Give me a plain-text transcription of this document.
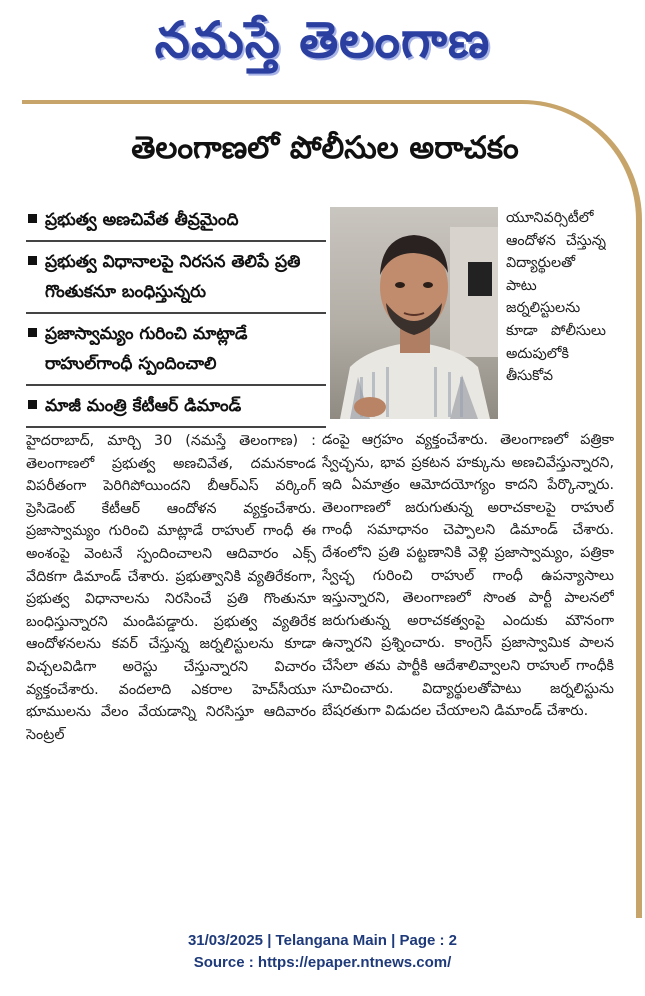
నమస్తే తెలంగాణ
తెలంగాణలో పోలీసుల అరాచకం
ప్రభుత్వ అణచివేత తీవ్రమైంది
ప్రభుత్వ విధానాలపై నిరసన తెలిపే ప్రతి గొంతుకనూ బంధిస్తున్నరు
ప్రజాస్వామ్యం గురించి మాట్లాడే రాహుల్‌గాంధీ స్పందించాలి
మాజీ మంత్రి కేటీఆర్‌ డిమాండ్‌
హైదరాబాద్‌, మార్చి 30 (నమస్తే తెలంగాణ) : తెలంగాణలో ప్రభుత్వ అణచివేత, దమనకాండ విపరీతంగా పెరిగిపోయిందని బీఆర్‌ఎస్‌ వర్కింగ్‌ ప్రెసిడెంట్‌ కేటీఆర్‌ ఆందోళన వ్యక్తంచేశారు. ప్రజాస్వామ్యం గురించి మాట్లాడే రాహుల్‌ గాంధీ ఈ అంశంపై వెంటనే స్పందించాలని ఆదివారం ఎక్స్‌ వేదికగా డిమాండ్‌ చేశారు. ప్రభుత్వానికి వ్యతిరేకంగా, ప్రభుత్వ విధానాలను నిరసించే ప్రతి గొంతునూ బంధిస్తున్నారని మండిపడ్డారు. ప్రభుత్వ వ్యతిరేక ఆందోళనలను కవర్‌ చేస్తున్న జర్నలిస్టులను కూడా విచ్చలవిడిగా అరెస్టు చేస్తున్నారని విచారం వ్యక్తంచేశారు. వందలాది ఎకరాల హెచ్‌సీయూ భూములను వేలం వేయడాన్ని నిరసిస్తూ ఆదివారం సెంట్రల్‌
యూనివర్సిటీలో ఆందోళన చేస్తున్న విద్యార్థులతో పాటు జర్నలిస్టులను కూడా పోలీసులు అదుపులోకి తీసుకోవ
డంపై ఆగ్రహం వ్యక్తంచేశారు. తెలంగాణలో పత్రికా స్వేచ్ఛను, భావ ప్రకటన హక్కును అణచివేస్తున్నారని, ఇది ఏమాత్రం ఆమోదయోగ్యం కాదని పేర్కొన్నారు. తెలంగాణలో జరుగుతున్న అరాచకాలపై రాహుల్‌ గాంధీ సమాధానం చెప్పాలని డిమాండ్‌ చేశారు. దేశంలోని ప్రతి పట్టణానికి వెళ్లి ప్రజాస్వామ్యం, పత్రికా స్వేచ్ఛ గురించి రాహుల్‌ గాంధీ ఉపన్యాసాలు ఇస్తున్నారని, తెలంగాణలో సొంత పార్టీ పాలనలో జరుగుతున్న అరాచకత్వంపై ఎందుకు మౌనంగా ఉన్నారని ప్రశ్నించారు. కాంగ్రెస్‌ ప్రజాస్వామిక పాలన చేసేలా తమ పార్టీకి ఆదేశాలివ్వాలని రాహుల్‌ గాంధీకి సూచించారు. విద్యార్థులతోపాటు జర్నలిస్టును బేషరతుగా విడుదల చేయాలని డిమాండ్‌ చేశారు.
31/03/2025 | Telangana Main | Page : 2
Source : https://epaper.ntnews.com/
